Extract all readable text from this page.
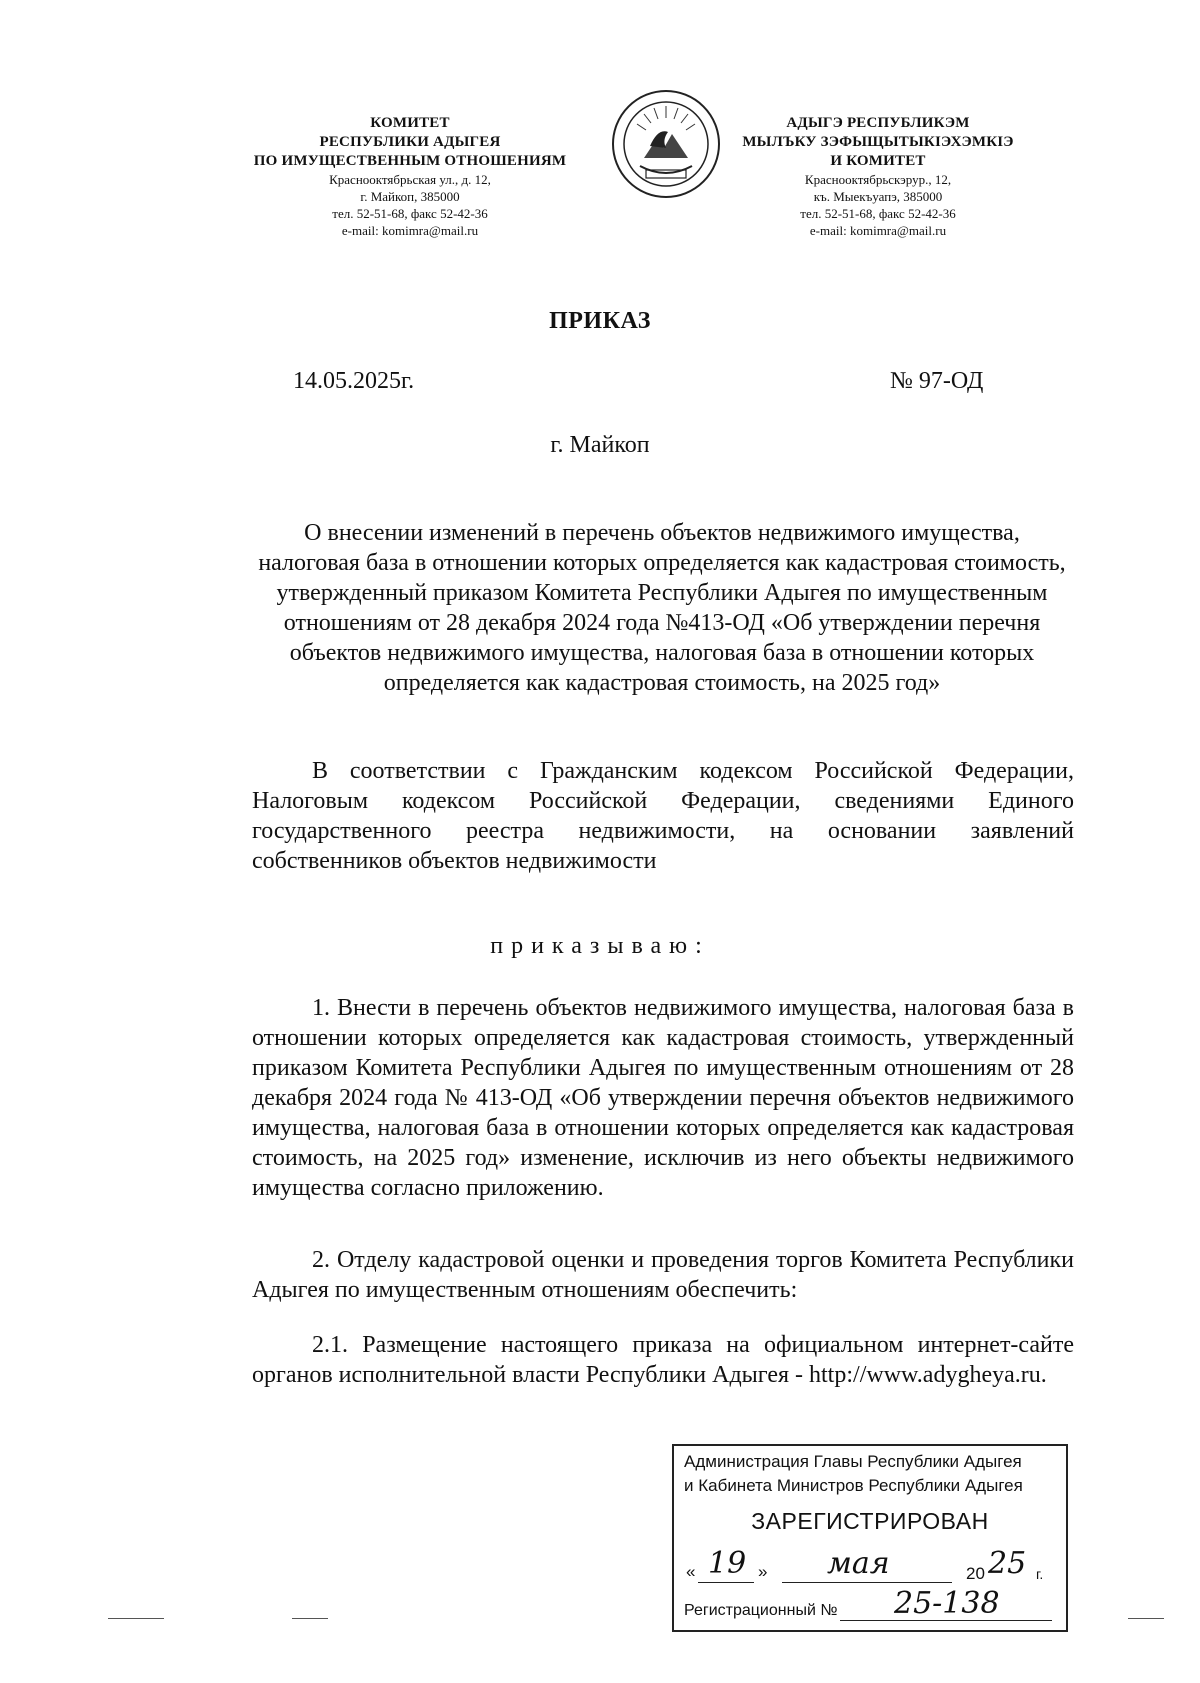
КОМИТЕТ
РЕСПУБЛИКИ АДЫГЕЯ
ПО ИМУЩЕСТВЕННЫМ ОТНОШЕНИЯМ
Краснооктябрьская ул., д. 12,
г. Майкоп, 385000
тел. 52-51-68, факс 52-42-36
e-mail: komimra@mail.ru
АДЫГЭ РЕСПУБЛИКЭМ
МЫЛЪКУ ЗЭФЫЩЫТЫКIЭХЭМКIЭ
И КОМИТЕТ
Краснооктябрьскэрур., 12,
къ. Мыекъуапэ, 385000
тел. 52-51-68, факс 52-42-36
e-mail: komimra@mail.ru
ПРИКАЗ
14.05.2025г.	№ 97-ОД
г. Майкоп
О внесении изменений в перечень объектов недвижимого имущества, налоговая база в отношении которых определяется как кадастровая стоимость, утвержденный приказом Комитета Республики Адыгея по имущественным отношениям от 28 декабря 2024 года №413-ОД «Об утверждении перечня объектов недвижимого имущества, налоговая база в отношении которых определяется как кадастровая стоимость, на 2025 год»
В соответствии с Гражданским кодексом Российской Федерации, Налоговым кодексом Российской Федерации, сведениями Единого государственного реестра недвижимости, на основании заявлений собственников объектов недвижимости
приказываю:
1. Внести в перечень объектов недвижимого имущества, налоговая база в отношении которых определяется как кадастровая стоимость, утвержденный приказом Комитета Республики Адыгея по имущественным отношениям от 28 декабря 2024 года № 413-ОД «Об утверждении перечня объектов недвижимого имущества, налоговая база в отношении которых определяется как кадастровая стоимость, на 2025 год» изменение, исключив из него объекты недвижимого имущества согласно приложению.
2. Отделу кадастровой оценки и проведения торгов Комитета Республики Адыгея по имущественным отношениям обеспечить:
2.1. Размещение настоящего приказа на официальном интернет-сайте органов исполнительной власти Республики Адыгея - http://www.adygheya.ru.
Администрация Главы Республики Адыгея
и Кабинета Министров Республики Адыгея
ЗАРЕГИСТРИРОВАН
« 19 » мая	20 25 г.
Регистрационный № 25-138
